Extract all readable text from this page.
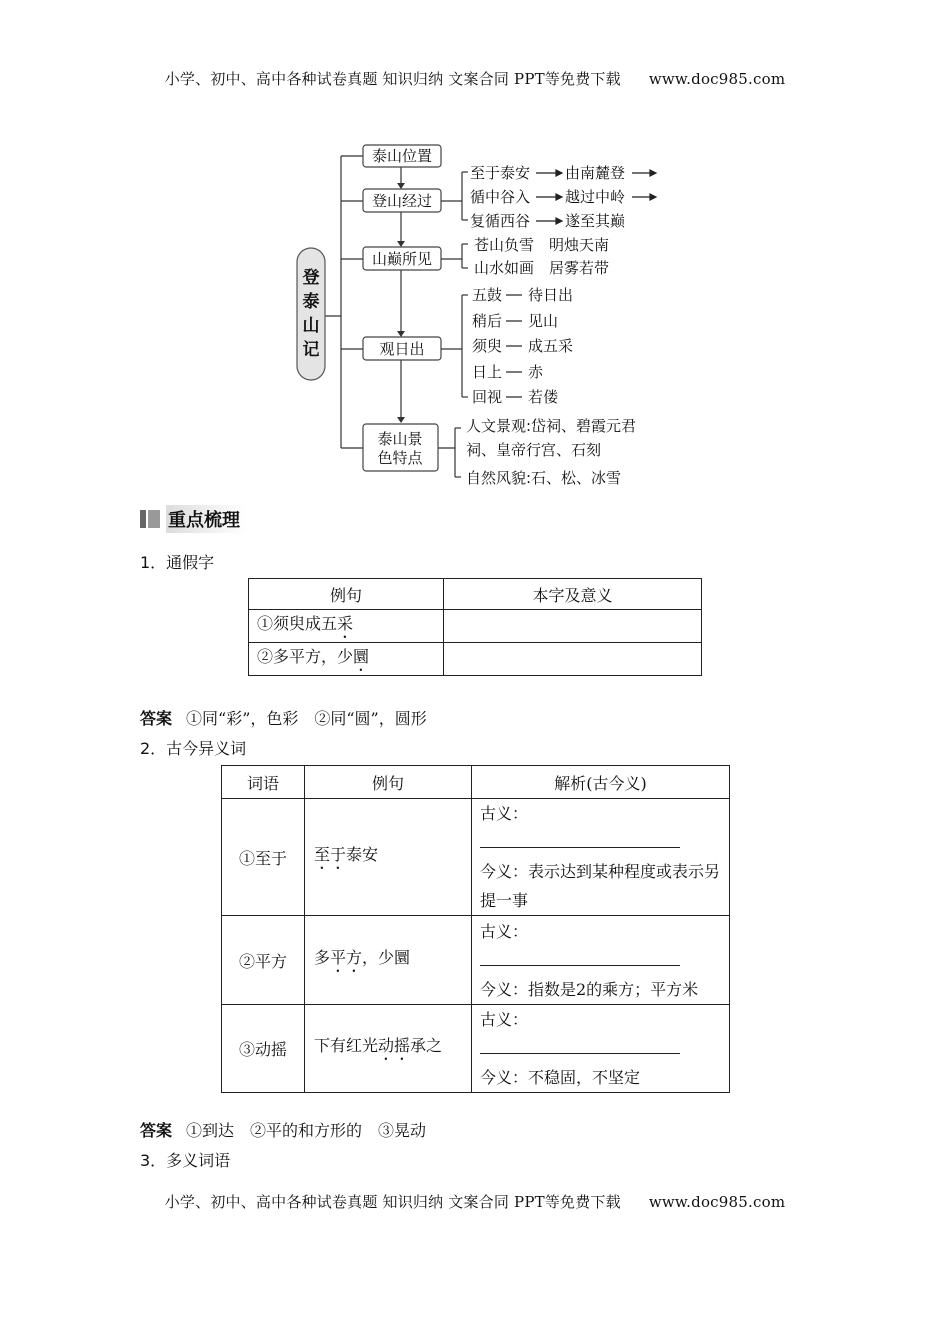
小学、初中、高中各种试卷真题 知识归纳 文案合同 PPT等免费下载 www.doc985.com
登
泰
山
记
泰山位置
登山经过
山巅所见
观日出
泰山景
色特点
至于泰安 由南麓登
循中谷入 越过中岭
复循西谷 遂至其巅
苍山负雪　明烛天南
山水如画　居雾若带
五鼓 待日出
稍后 见山
须臾 成五采
日上 赤
回视 若偻
人文景观:岱祠、碧霞元君
祠、皇帝行宫、石刻
自然风貌:石、松、冰雪
重点梳理
1．通假字
例句	本字及意义
①须臾成五采	
②多平方，少圜	
答案 ①同“彩”，色彩　②同“圆”，圆形
2．古今异义词
词语	例句	解析(古今义)
①至于	至于泰安	古义：
今义：表示达到某种程度或表示另提一事

②平方	多平方，少圜	古义：
今义：指数是2的乘方；平方米

③动摇	下有红光动摇承之	古义：
今义：不稳固，不坚定
答案 ①到达　②平的和方形的　③晃动
3．多义词语
小学、初中、高中各种试卷真题 知识归纳 文案合同 PPT等免费下载 www.doc985.com
